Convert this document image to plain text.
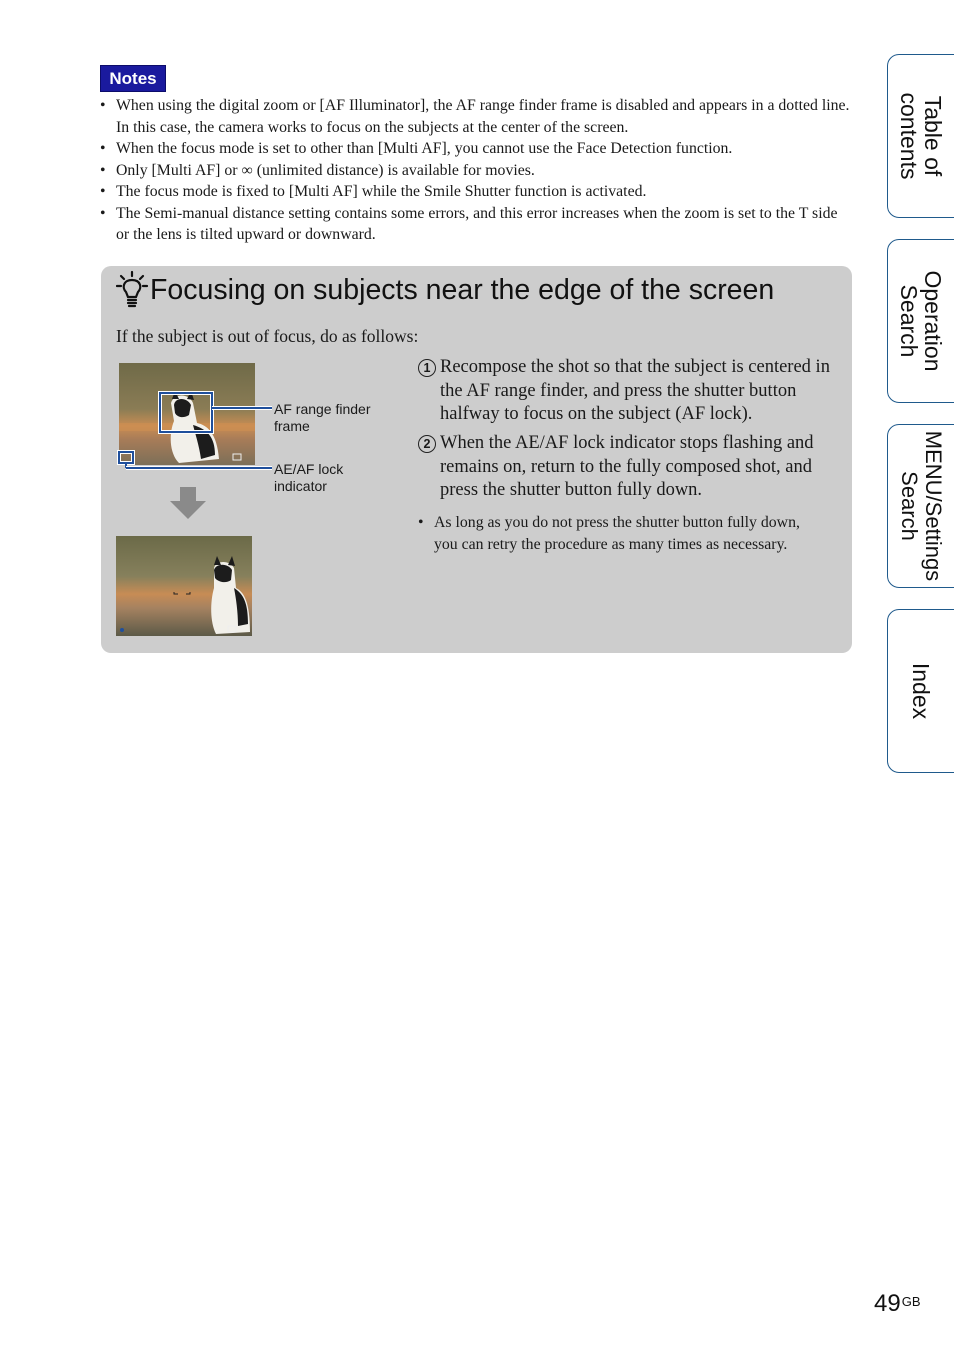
Notes
• When using the digital zoom or [AF Illuminator], the AF range finder frame is disabled and appears in a dotted line. In this case, the camera works to focus on the subjects at the center of the screen.
• When the focus mode is set to other than [Multi AF], you cannot use the Face Detection function.
• Only [Multi AF] or ∞ (unlimited distance) is available for movies.
• The focus mode is fixed to [Multi AF] while the Smile Shutter function is activated.
• The Semi-manual distance setting contains some errors, and this error increases when the zoom is set to the T side or the lens is tilted upward or downward.
Focusing on subjects near the edge of the screen
If the subject is out of focus, do as follows:
AF range finder frame
AE/AF lock indicator
1 Recompose the shot so that the subject is centered in the AF range finder, and press the shutter button halfway to focus on the subject (AF lock).
2 When the AE/AF lock indicator stops flashing and remains on, return to the fully composed shot, and press the shutter button fully down.
• As long as you do not press the shutter button fully down, you can retry the procedure as many times as necessary.
Table of contents
Operation Search
MENU/Settings Search
Index
$49^{GB}$
